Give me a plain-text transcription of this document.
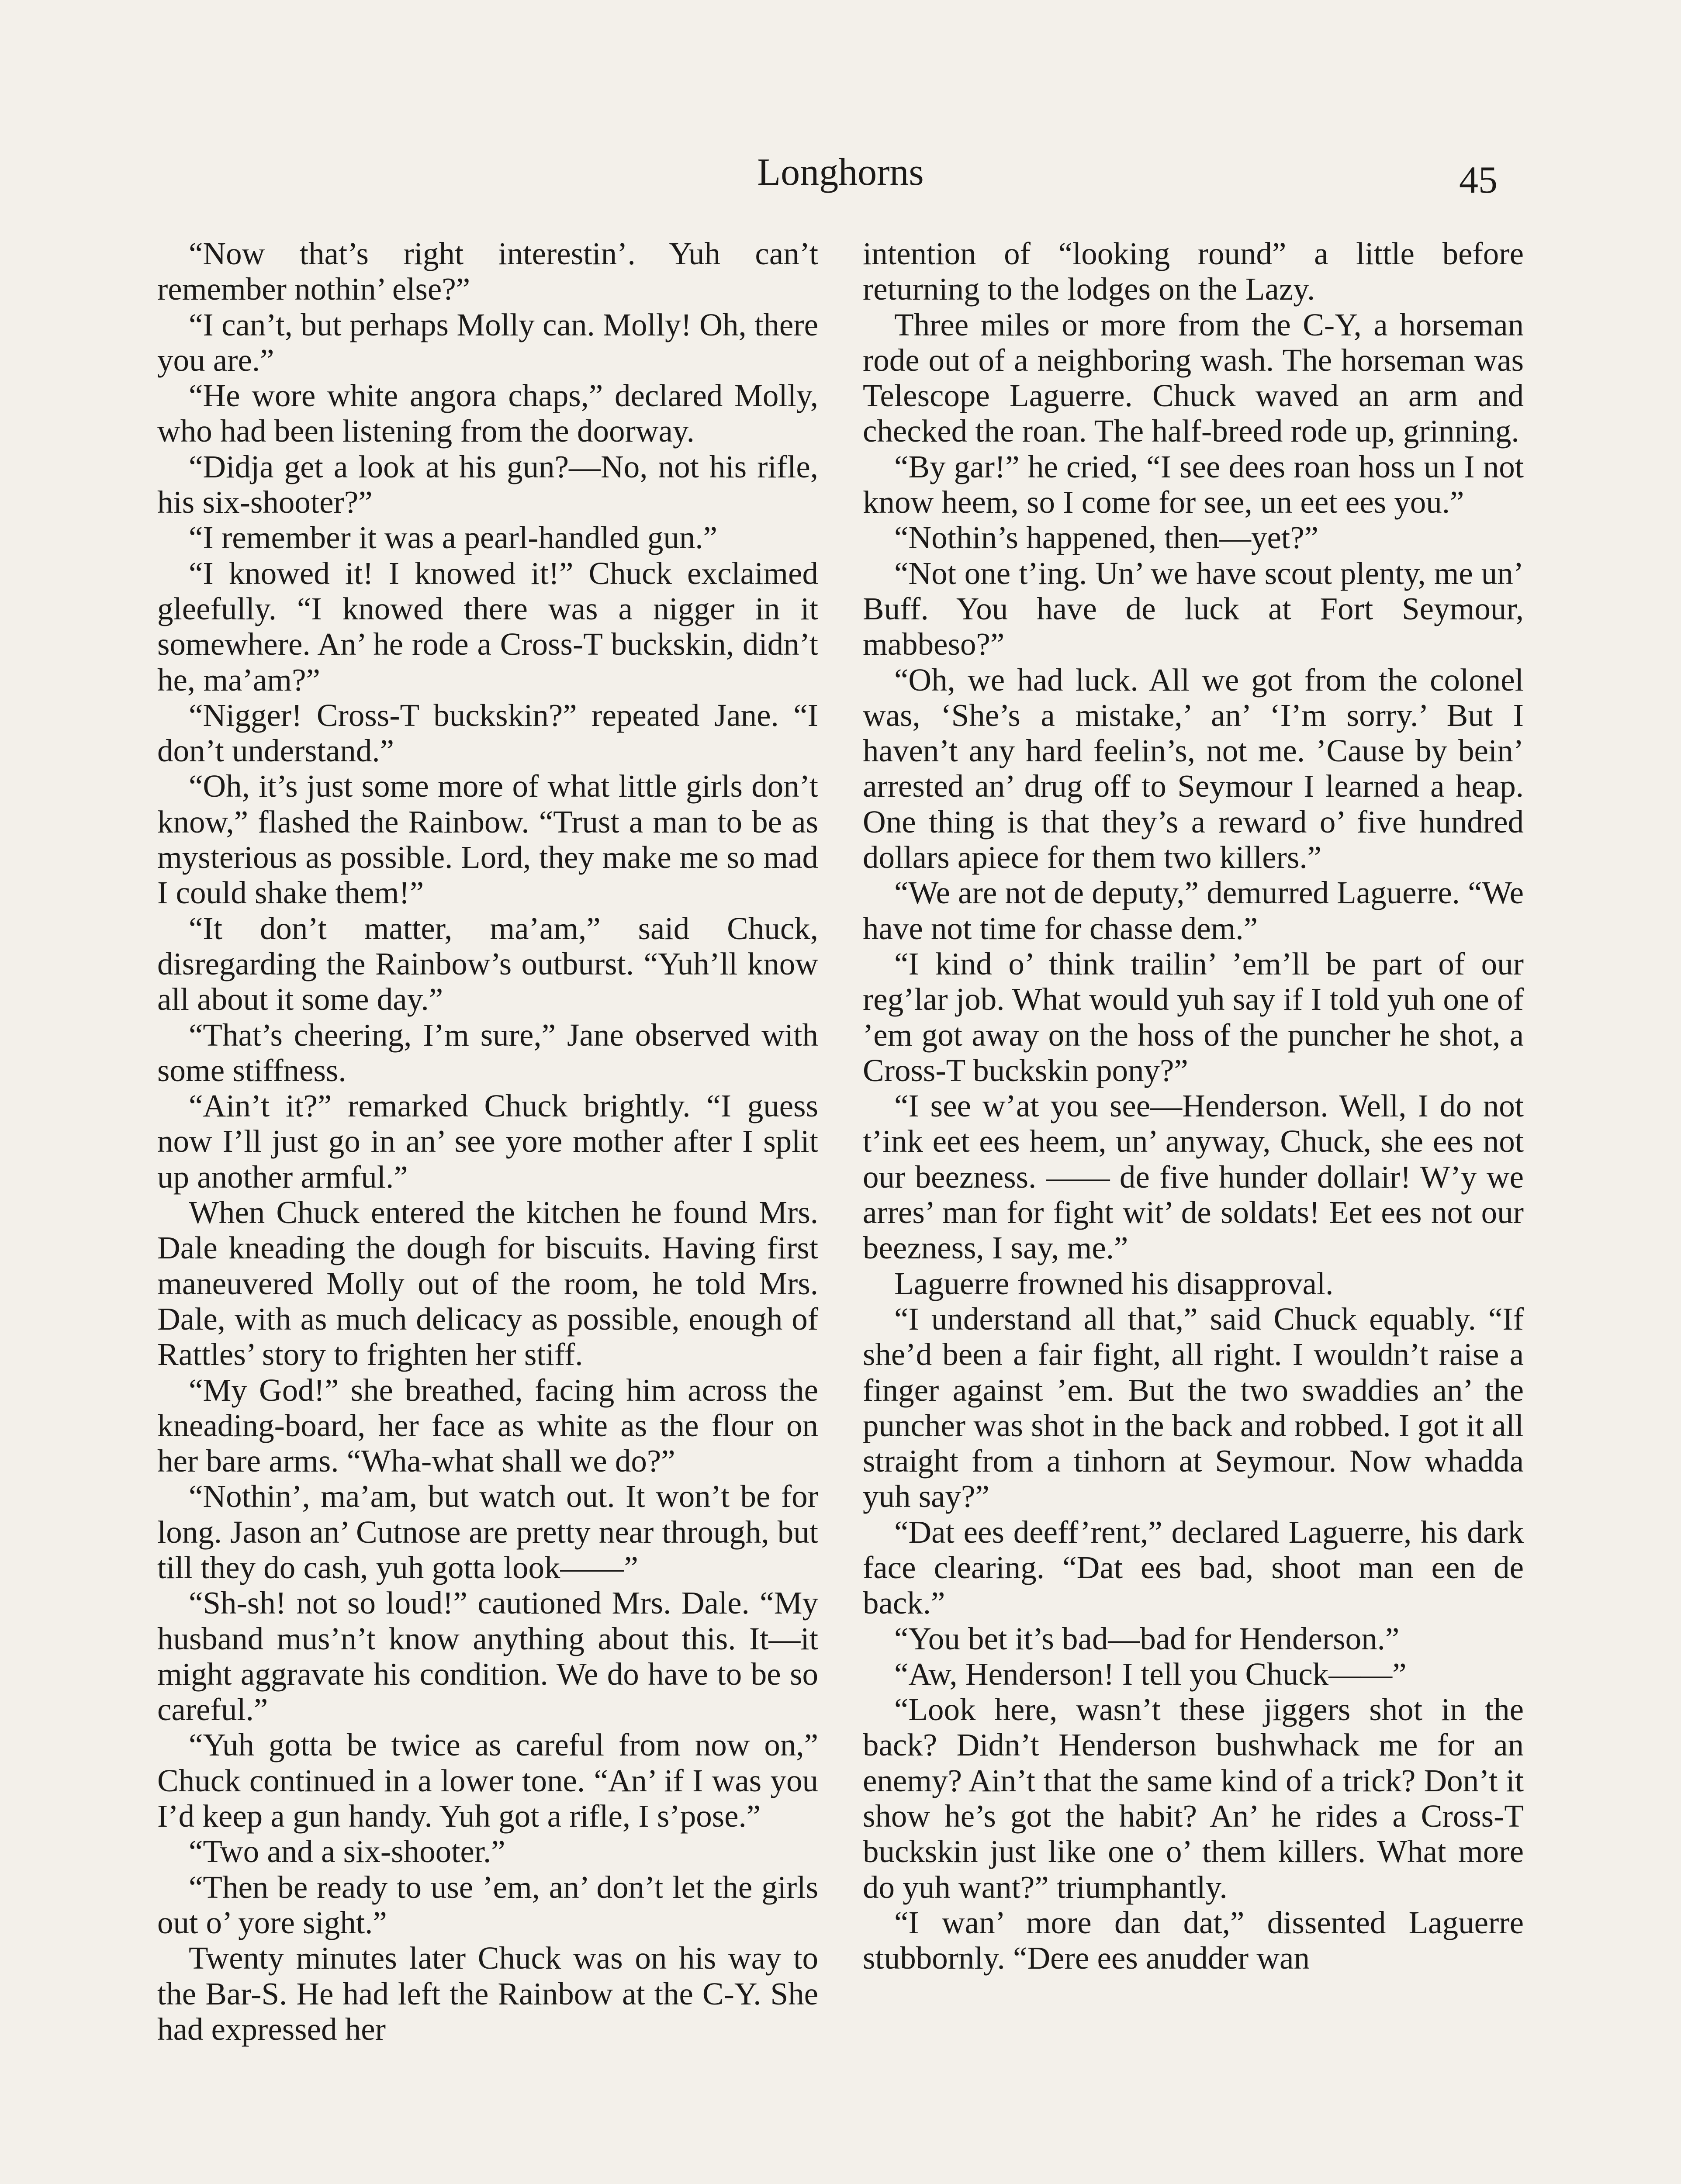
Longhorns	45

“Now that’s right interestin’. Yuh can’t remember nothin’ else?”

“I can’t, but perhaps Molly can. Molly! Oh, there you are.”

“He wore white angora chaps,” declared Molly, who had been listening from the doorway.

“Didja get a look at his gun?—No, not his rifle, his six-shooter?”

“I remember it was a pearl-handled gun.”

“I knowed it! I knowed it!” Chuck exclaimed gleefully. “I knowed there was a nigger in it somewhere. An’ he rode a Cross-T buckskin, didn’t he, ma’am?”

“Nigger! Cross-T buckskin?” repeated Jane. “I don’t understand.”

“Oh, it’s just some more of what little girls don’t know,” flashed the Rainbow. “Trust a man to be as mysterious as possible. Lord, they make me so mad I could shake them!”

“It don’t matter, ma’am,” said Chuck, disregarding the Rainbow’s outburst. “Yuh’ll know all about it some day.”

“That’s cheering, I’m sure,” Jane observed with some stiffness.

“Ain’t it?” remarked Chuck brightly. “I guess now I’ll just go in an’ see yore mother after I split up another armful.”

When Chuck entered the kitchen he found Mrs. Dale kneading the dough for biscuits. Having first maneuvered Molly out of the room, he told Mrs. Dale, with as much delicacy as possible, enough of Rattles’ story to frighten her stiff.

“My God!” she breathed, facing him across the kneading-board, her face as white as the flour on her bare arms. “Wha-what shall we do?”

“Nothin’, ma’am, but watch out. It won’t be for long. Jason an’ Cutnose are pretty near through, but till they do cash, yuh gotta look——”

“Sh-sh! not so loud!” cautioned Mrs. Dale. “My husband mus’n’t know anything about this. It—it might aggravate his condition. We do have to be so careful.”

“Yuh gotta be twice as careful from now on,” Chuck continued in a lower tone. “An’ if I was you I’d keep a gun handy. Yuh got a rifle, I s’pose.”

“Two and a six-shooter.”

“Then be ready to use ’em, an’ don’t let the girls out o’ yore sight.”

Twenty minutes later Chuck was on his way to the Bar-S. He had left the Rainbow at the C-Y. She had expressed her

intention of “looking round” a little before returning to the lodges on the Lazy.

Three miles or more from the C-Y, a horseman rode out of a neighboring wash. The horseman was Telescope Laguerre. Chuck waved an arm and checked the roan. The half-breed rode up, grinning.

“By gar!” he cried, “I see dees roan hoss un I not know heem, so I come for see, un eet ees you.”

“Nothin’s happened, then—yet?”

“Not one t’ing. Un’ we have scout plenty, me un’ Buff. You have de luck at Fort Seymour, mabbeso?”

“Oh, we had luck. All we got from the colonel was, ‘She’s a mistake,’ an’ ‘I’m sorry.’ But I haven’t any hard feelin’s, not me. ’Cause by bein’ arrested an’ drug off to Seymour I learned a heap. One thing is that they’s a reward o’ five hundred dollars apiece for them two killers.”

“We are not de deputy,” demurred Laguerre. “We have not time for chasse dem.”

“I kind o’ think trailin’ ’em’ll be part of our reg’lar job. What would yuh say if I told yuh one of ’em got away on the hoss of the puncher he shot, a Cross-T buckskin pony?”

“I see w’at you see—Henderson. Well, I do not t’ink eet ees heem, un’ anyway, Chuck, she ees not our beezness. —— de five hunder dollair! W’y we arres’ man for fight wit’ de soldats! Eet ees not our beezness, I say, me.”

Laguerre frowned his disapproval.

“I understand all that,” said Chuck equably. “If she’d been a fair fight, all right. I wouldn’t raise a finger against ’em. But the two swaddies an’ the puncher was shot in the back and robbed. I got it all straight from a tinhorn at Seymour. Now whadda yuh say?”

“Dat ees deeff’rent,” declared Laguerre, his dark face clearing. “Dat ees bad, shoot man een de back.”

“You bet it’s bad—bad for Henderson.”

“Aw, Henderson! I tell you Chuck——”

“Look here, wasn’t these jiggers shot in the back? Didn’t Henderson bushwhack me for an enemy? Ain’t that the same kind of a trick? Don’t it show he’s got the habit? An’ he rides a Cross-T buckskin just like one o’ them killers. What more do yuh want?” triumphantly.

“I wan’ more dan dat,” dissented Laguerre stubbornly. “Dere ees anudder wan
